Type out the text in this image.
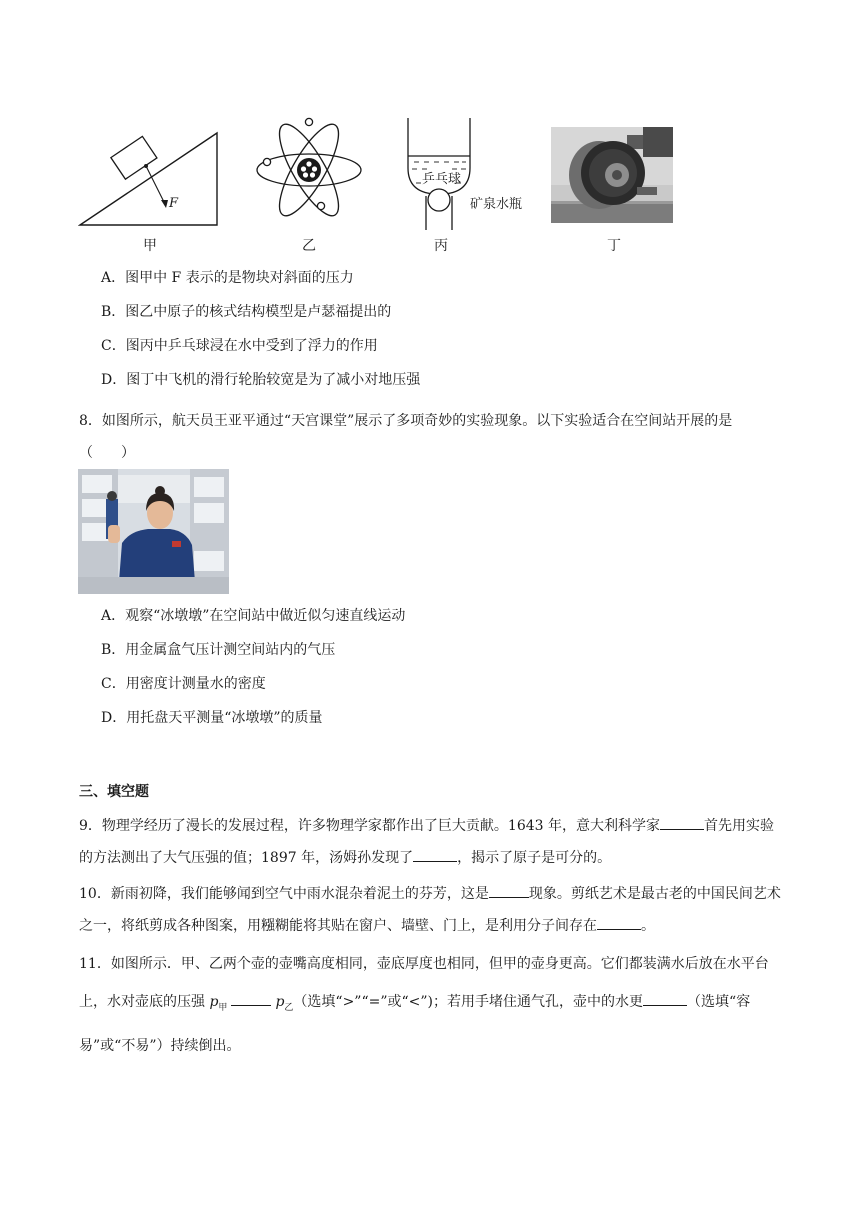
F
甲	乙
乒乓球
矿泉水瓶
丙	丁
A．图甲中 F 表示的是物块对斜面的压力
B．图乙中原子的核式结构模型是卢瑟福提出的
C．图丙中乒乓球浸在水中受到了浮力的作用
D．图丁中飞机的滑行轮胎较宽是为了减小对地压强
8．如图所示，航天员王亚平通过“天宫课堂”展示了多项奇妙的实验现象。以下实验适合在空间站开展的是
（　　）
A．观察“冰墩墩”在空间站中做近似匀速直线运动
B．用金属盒气压计测空间站内的气压
C．用密度计测量水的密度
D．用托盘天平测量“冰墩墩”的质量
三、填空题
9．物理学经历了漫长的发展过程，许多物理学家都作出了巨大贡献。1643 年，意大利科学家	首先用实验的方法测出了大气压强的值；1897 年，汤姆孙发现了	，揭示了原子是可分的。
10．新雨初降，我们能够闻到空气中雨水混杂着泥土的芬芳，这是	现象。剪纸艺术是最古老的中国民间艺术之一，将纸剪成各种图案，用糨糊能将其贴在窗户、墙壁、门上，是利用分子间存在	。
11．如图所示．甲、乙两个壶的壶嘴高度相同，壶底厚度也相同，但甲的壶身更高。它们都装满水后放在水平台上，水对壶底的压强 $p_甲$	$p_乙$（选填“>”“=”或“<”)；若用手堵住通气孔，壶中的水更	（选填“容易”或“不易”）持续倒出。
